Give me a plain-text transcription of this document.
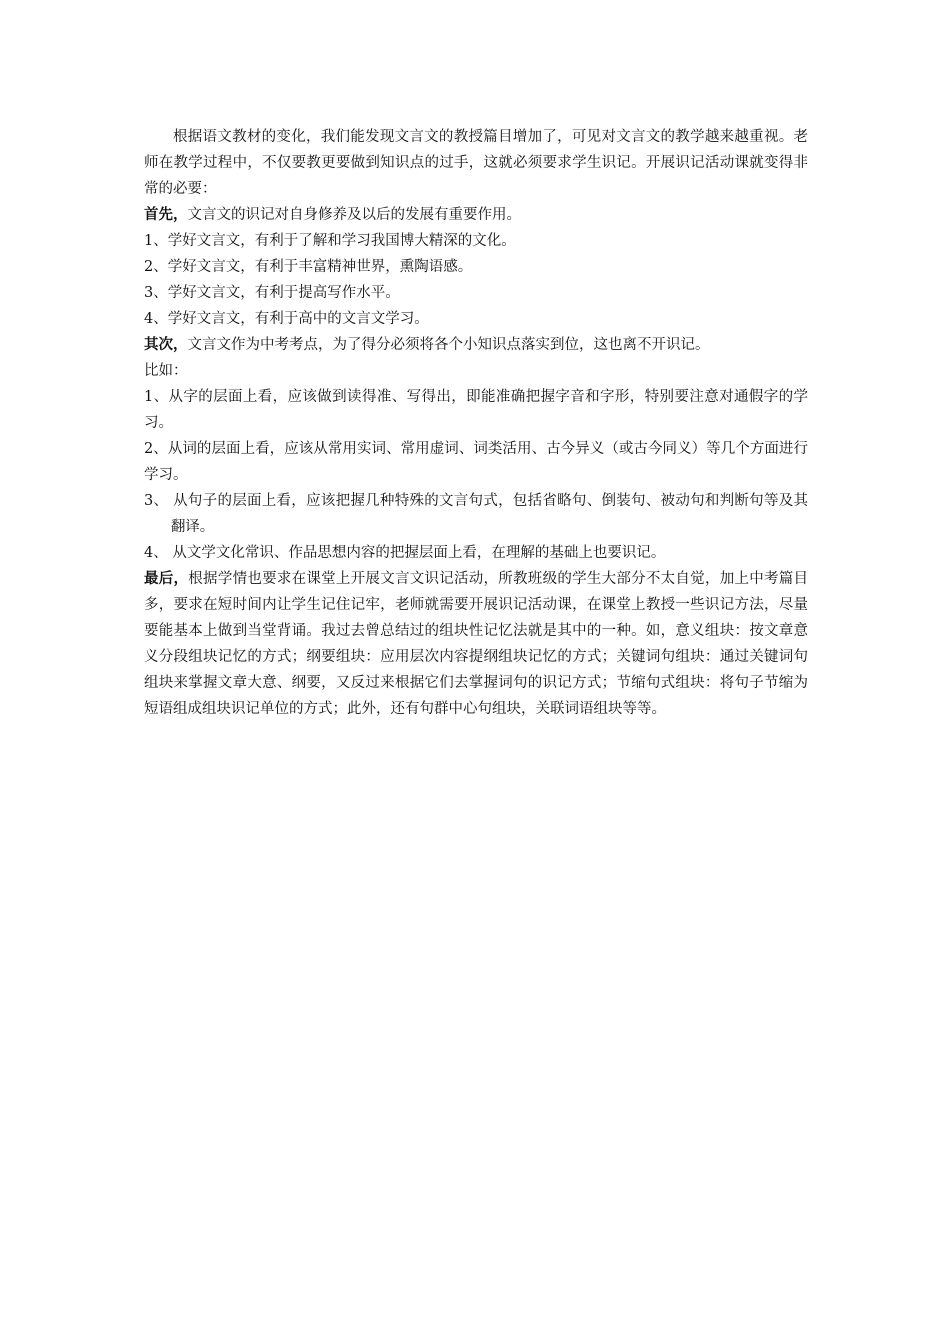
根据语文教材的变化，我们能发现文言文的教授篇目增加了，可见对文言文的教学越来越重视。老师在教学过程中，不仅要教更要做到知识点的过手，这就必须要求学生识记。开展识记活动课就变得非常的必要：

首先，文言文的识记对自身修养及以后的发展有重要作用。

1、学好文言文，有利于了解和学习我国博大精深的文化。

2、学好文言文，有利于丰富精神世界，熏陶语感。

3、学好文言文，有利于提高写作水平。

4、学好文言文，有利于高中的文言文学习。

其次，文言文作为中考考点，为了得分必须将各个小知识点落实到位，这也离不开识记。

比如：

1、从字的层面上看，应该做到读得准、写得出，即能准确把握字音和字形，特别要注意对通假字的学习。

2、从词的层面上看，应该从常用实词、常用虚词、词类活用、古今异义（或古今同义）等几个方面进行学习。

3、 从句子的层面上看，应该把握几种特殊的文言句式，包括省略句、倒装句、被动句和判断句等及其翻译。

4、 从文学文化常识、作品思想内容的把握层面上看，在理解的基础上也要识记。

最后，根据学情也要求在课堂上开展文言文识记活动，所教班级的学生大部分不太自觉，加上中考篇目多，要求在短时间内让学生记住记牢，老师就需要开展识记活动课，在课堂上教授一些识记方法，尽量要能基本上做到当堂背诵。我过去曾总结过的组块性记忆法就是其中的一种。如，意义组块：按文章意义分段组块记忆的方式；纲要组块：应用层次内容提纲组块记忆的方式；关键词句组块：通过关键词句组块来掌握文章大意、纲要，又反过来根据它们去掌握词句的识记方式；节缩句式组块：将句子节缩为短语组成组块识记单位的方式；此外，还有句群中心句组块，关联词语组块等等。
